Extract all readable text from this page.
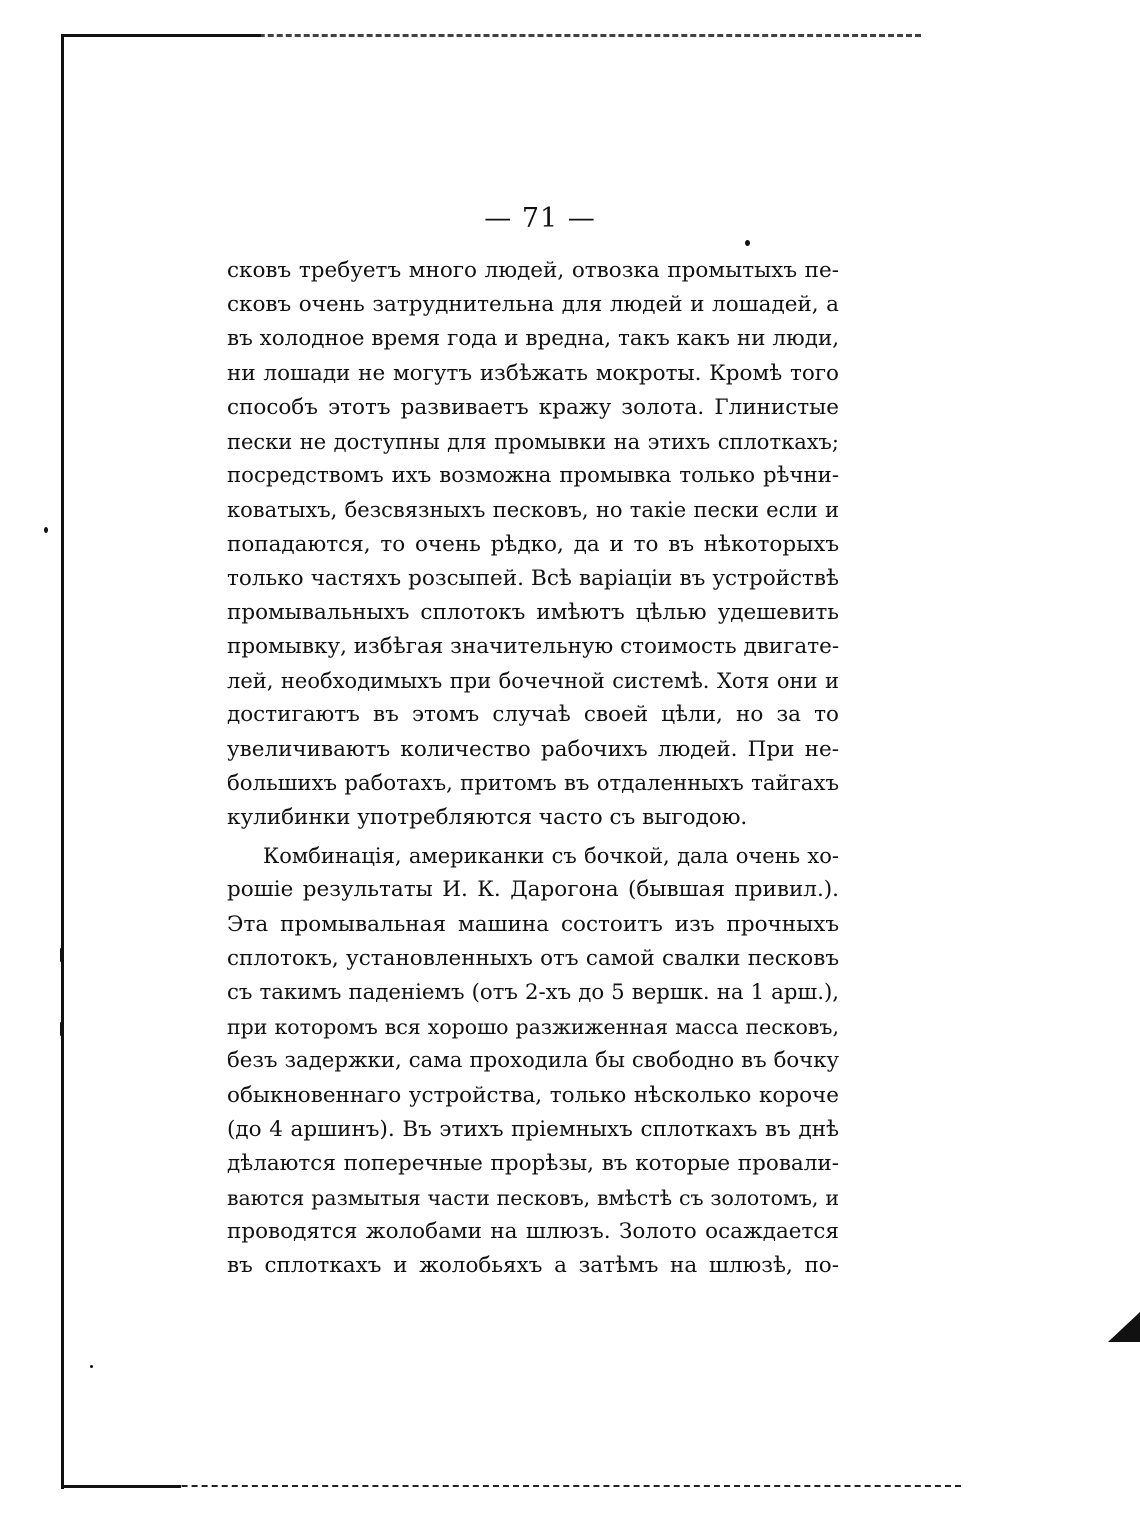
— 71 —
сковъ требуетъ много людей, отвозка промытыхъ пе-
сковъ очень затруднительна для людей и лошадей, а
въ холодное время года и вредна, такъ какъ ни люди,
ни лошади не могутъ избѣжать мокроты. Кромѣ того
способъ этотъ развиваетъ кражу золота. Глинистые
пески не доступны для промывки на этихъ сплоткахъ;
посредствомъ ихъ возможна промывка только рѣчни-
коватыхъ, безсвязныхъ песковъ, но такіе пески если и
попадаются, то очень рѣдко, да и то въ нѣкоторыхъ
только частяхъ розсыпей. Всѣ варіаціи въ устройствѣ
промывальныхъ сплотокъ имѣютъ цѣлью удешевить
промывку, избѣгая значительную стоимость двигате-
лей, необходимыхъ при бочечной системѣ. Хотя они и
достигаютъ въ этомъ случаѣ своей цѣли, но за то
увеличиваютъ количество рабочихъ людей. При не-
большихъ работахъ, притомъ въ отдаленныхъ тайгахъ
кулибинки употребляются часто съ выгодою.
Комбинація, американки съ бочкой, дала очень хо-
рошіе результаты И. К. Дарогона (бывшая привил.).
Эта промывальная машина состоитъ изъ прочныхъ
сплотокъ, установленныхъ отъ самой свалки песковъ
съ такимъ паденіемъ (отъ 2-хъ до 5 вершк. на 1 арш.),
при которомъ вся хорошо разжиженная масса песковъ,
безъ задержки, сама проходила бы свободно въ бочку
обыкновеннаго устройства, только нѣсколько короче
(до 4 аршинъ). Въ этихъ пріемныхъ сплоткахъ въ днѣ
дѣлаются поперечные прорѣзы, въ которые провали-
ваются размытыя части песковъ, вмѣстѣ съ золотомъ, и
проводятся жолобами на шлюзъ. Золото осаждается
въ сплоткахъ и жолобьяхъ а затѣмъ на шлюзѣ, по-
